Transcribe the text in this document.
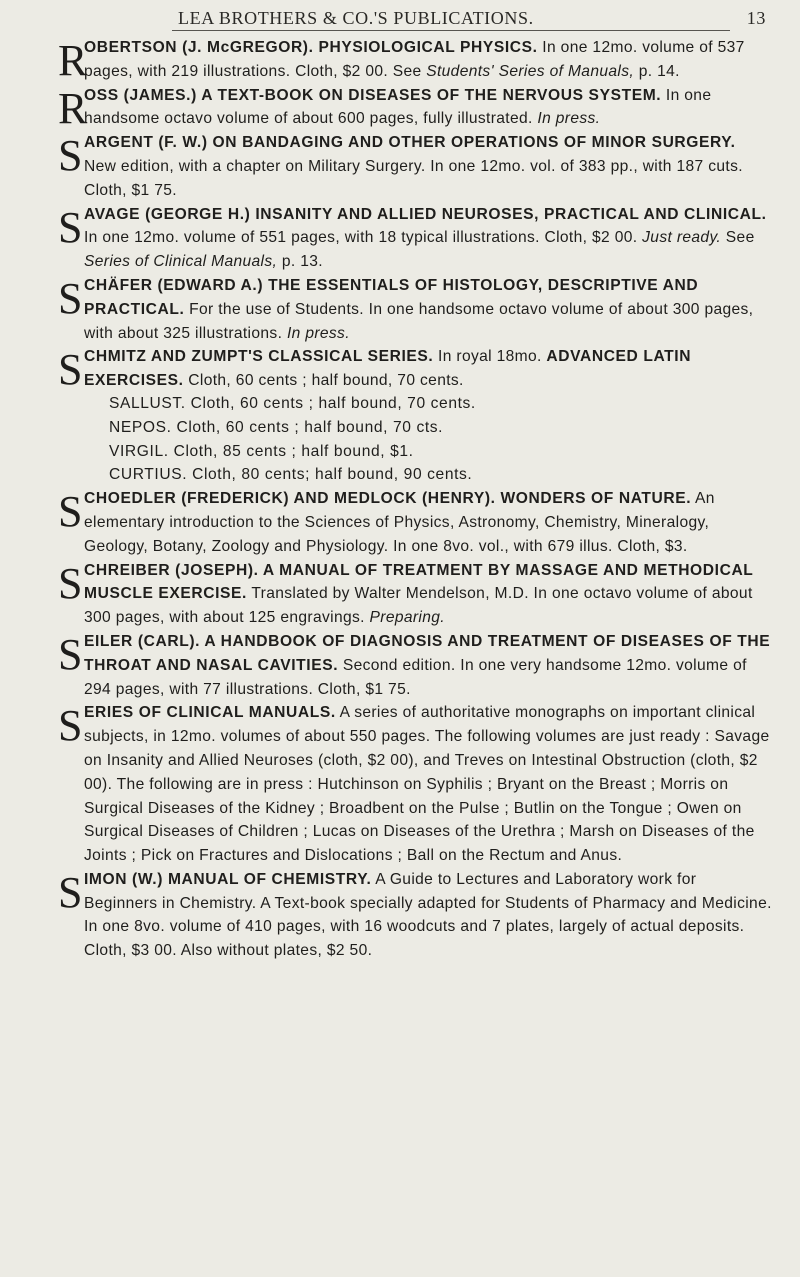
LEA BROTHERS & CO.'S PUBLICATIONS.	13
R
OBERTSON (J. McGREGOR). PHYSIOLOGICAL PHYSICS. In one 12mo. volume of 537 pages, with 219 illustrations. Cloth, $2 00. See Students' Series of Manuals, p. 14.
R
OSS (JAMES.) A TEXT-BOOK ON DISEASES OF THE NERVOUS SYSTEM. In one handsome octavo volume of about 600 pages, fully illustrated. In press.
S ARGENT (F. W.) ON BANDAGING AND OTHER OPERATIONS OF MINOR SURGERY. New edition, with a chapter on Military Surgery. In one 12mo. vol. of 383 pp., with 187 cuts. Cloth, $1 75.
S AVAGE (GEORGE H.) INSANITY AND ALLIED NEUROSES, PRACTICAL AND CLINICAL. In one 12mo. volume of 551 pages, with 18 typical illustrations. Cloth, $2 00. Just ready. See Series of Clinical Manuals, p. 13.
S CHÄFER (EDWARD A.) THE ESSENTIALS OF HISTOLOGY, DESCRIPTIVE AND PRACTICAL. For the use of Students. In one handsome octavo volume of about 300 pages, with about 325 illustrations. In press.
S CHMITZ AND ZUMPT'S CLASSICAL SERIES. In royal 18mo. ADVANCED LATIN EXERCISES. Cloth, 60 cents ; half bound, 70 cents.
SALLUST. Cloth, 60 cents ; half bound, 70 cents.
NEPOS. Cloth, 60 cents ; half bound, 70 cts.
VIRGIL. Cloth, 85 cents ; half bound, $1.
CURTIUS. Cloth, 80 cents; half bound, 90 cents.
S CHOEDLER (FREDERICK) AND MEDLOCK (HENRY). WONDERS OF NATURE. An elementary introduction to the Sciences of Physics, Astronomy, Chemistry, Mineralogy, Geology, Botany, Zoology and Physiology. In one 8vo. vol., with 679 illus. Cloth, $3.
S CHREIBER (JOSEPH). A MANUAL OF TREATMENT BY MASSAGE AND METHODICAL MUSCLE EXERCISE. Translated by Walter Mendelson, M.D. In one octavo volume of about 300 pages, with about 125 engravings. Preparing.
S EILER (CARL). A HANDBOOK OF DIAGNOSIS AND TREATMENT OF DISEASES OF THE THROAT AND NASAL CAVITIES. Second edition. In one very handsome 12mo. volume of 294 pages, with 77 illustrations. Cloth, $1 75.
S ERIES OF CLINICAL MANUALS. A series of authoritative monographs on important clinical subjects, in 12mo. volumes of about 550 pages. The following volumes are just ready : Savage on Insanity and Allied Neuroses (cloth, $2 00), and Treves on Intestinal Obstruction (cloth, $2 00). The following are in press : Hutchinson on Syphilis ; Bryant on the Breast ; Morris on Surgical Diseases of the Kidney ; Broadbent on the Pulse ; Butlin on the Tongue ; Owen on Surgical Diseases of Children ; Lucas on Diseases of the Urethra ; Marsh on Diseases of the Joints ; Pick on Fractures and Dislocations ; Ball on the Rectum and Anus.
S IMON (W.) MANUAL OF CHEMISTRY. A Guide to Lectures and Laboratory work for Beginners in Chemistry. A Text-book specially adapted for Students of Pharmacy and Medicine. In one 8vo. volume of 410 pages, with 16 woodcuts and 7 plates, largely of actual deposits. Cloth, $3 00. Also without plates, $2 50.
